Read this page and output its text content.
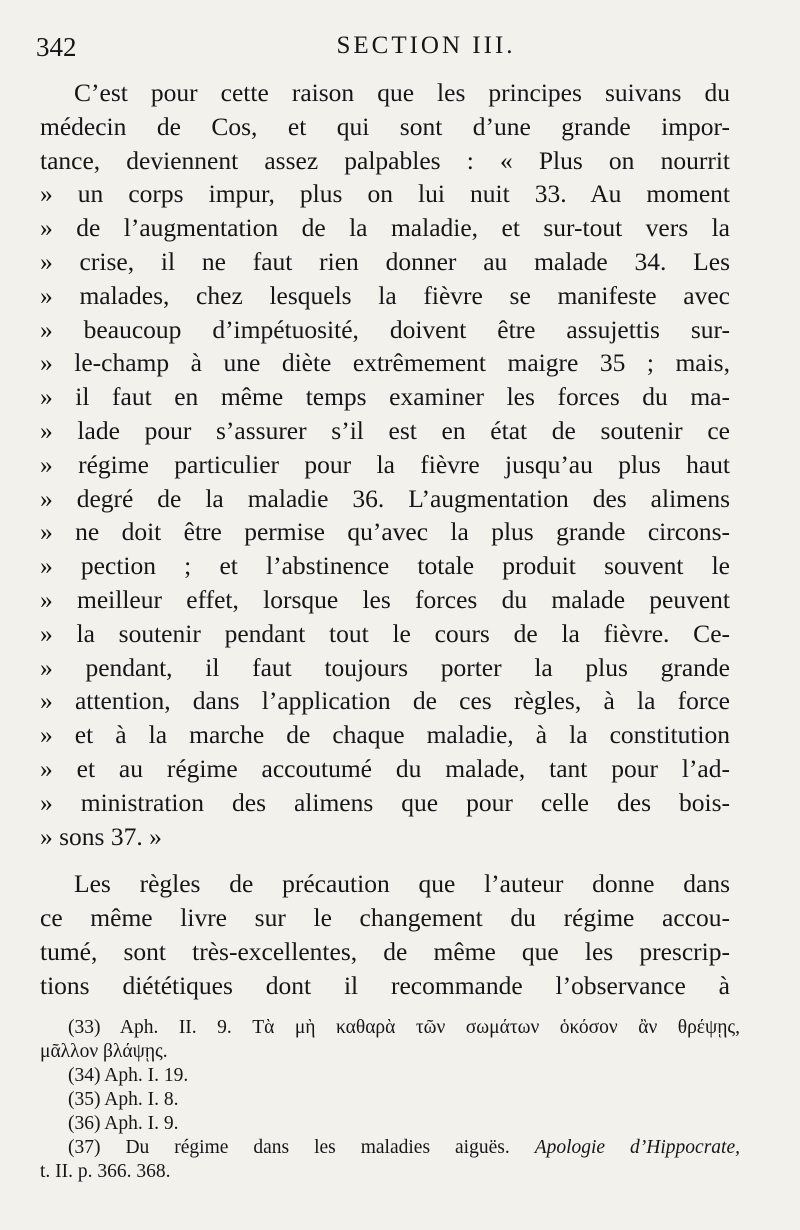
342	SECTION III.
C’est pour cette raison que les principes suivans du
médecin de Cos, et qui sont d’une grande impor-
tance, deviennent assez palpables : « Plus on nourrit
» un corps impur, plus on lui nuit 33. Au moment
» de l’augmentation de la maladie, et sur-tout vers la
» crise, il ne faut rien donner au malade 34. Les
» malades, chez lesquels la fièvre se manifeste avec
» beaucoup d’impétuosité, doivent être assujettis sur-
» le-champ à une diète extrêmement maigre 35 ; mais,
» il faut en même temps examiner les forces du ma-
» lade pour s’assurer s’il est en état de soutenir ce
» régime particulier pour la fièvre jusqu’au plus haut
» degré de la maladie 36. L’augmentation des alimens
» ne doit être permise qu’avec la plus grande circons-
» pection ; et l’abstinence totale produit souvent le
» meilleur effet, lorsque les forces du malade peuvent
» la soutenir pendant tout le cours de la fièvre. Ce-
» pendant, il faut toujours porter la plus grande
» attention, dans l’application de ces règles, à la force
» et à la marche de chaque maladie, à la constitution
» et au régime accoutumé du malade, tant pour l’ad-
» ministration des alimens que pour celle des bois-
» sons 37. »
Les règles de précaution que l’auteur donne dans
ce même livre sur le changement du régime accou-
tumé, sont très-excellentes, de même que les prescrip-
tions diététiques dont il recommande l’observance à
(33) Aph. II. 9. Τὰ μὴ καθαρὰ τῶν σωμάτων ὁκόσον ἂν θρέψῃς,
μᾶλλον βλάψῃς.
(34) Aph. I. 19.
(35) Aph. I. 8.
(36) Aph. I. 9.
(37) Du régime dans les maladies aiguës. Apologie d’Hippocrate,
t. II. p. 366. 368.
